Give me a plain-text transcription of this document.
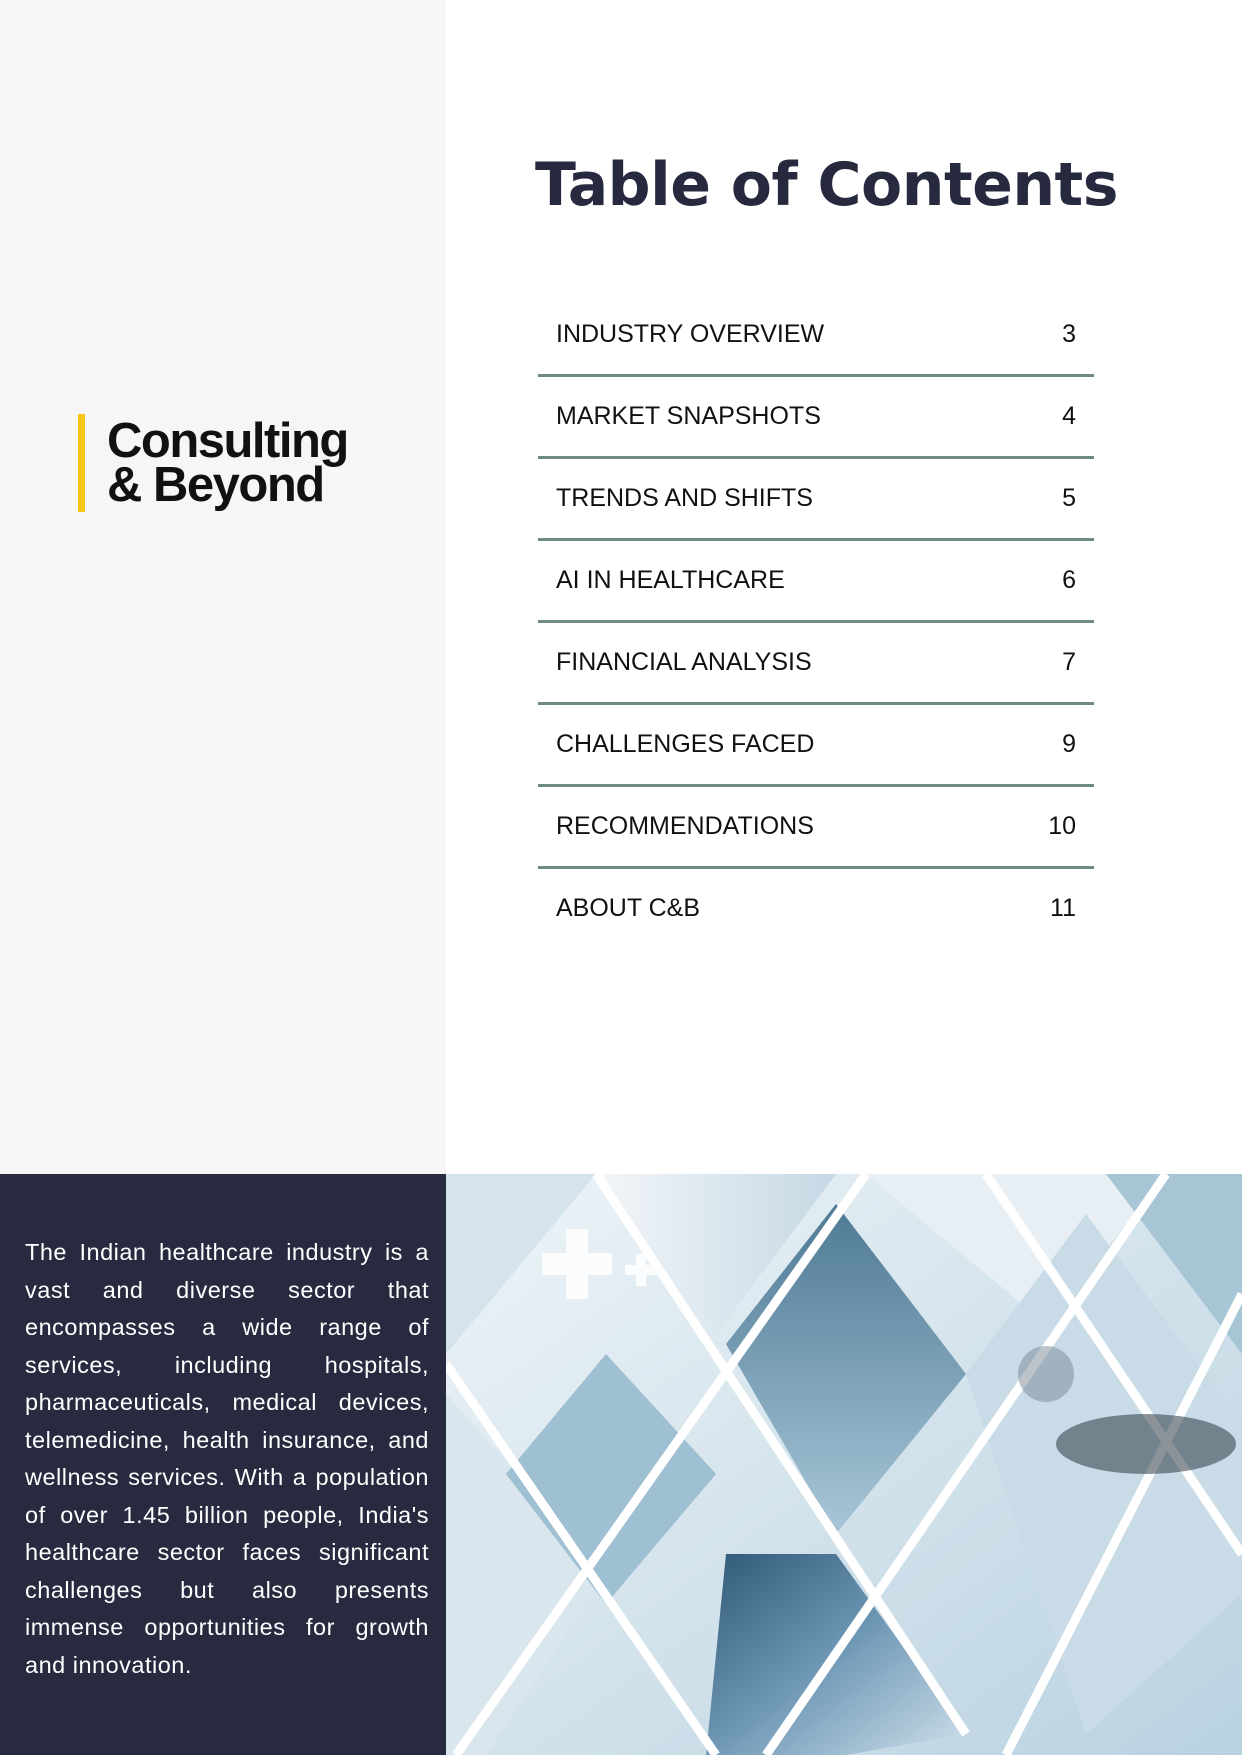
Consulting
& Beyond
Table of Contents
INDUSTRY OVERVIEW	3
MARKET SNAPSHOTS	4
TRENDS AND SHIFTS	5
AI IN HEALTHCARE	6
FINANCIAL ANALYSIS	7
CHALLENGES FACED	9
RECOMMENDATIONS	10
ABOUT C&B	11

The Indian healthcare industry is a vast and diverse sector that encompasses a wide range of services, including hospitals, pharmaceuticals, medical devices, telemedicine, health insurance, and wellness services. With a population of over 1.45 billion people, India's healthcare sector faces significant challenges but also presents immense opportunities for growth and innovation.
